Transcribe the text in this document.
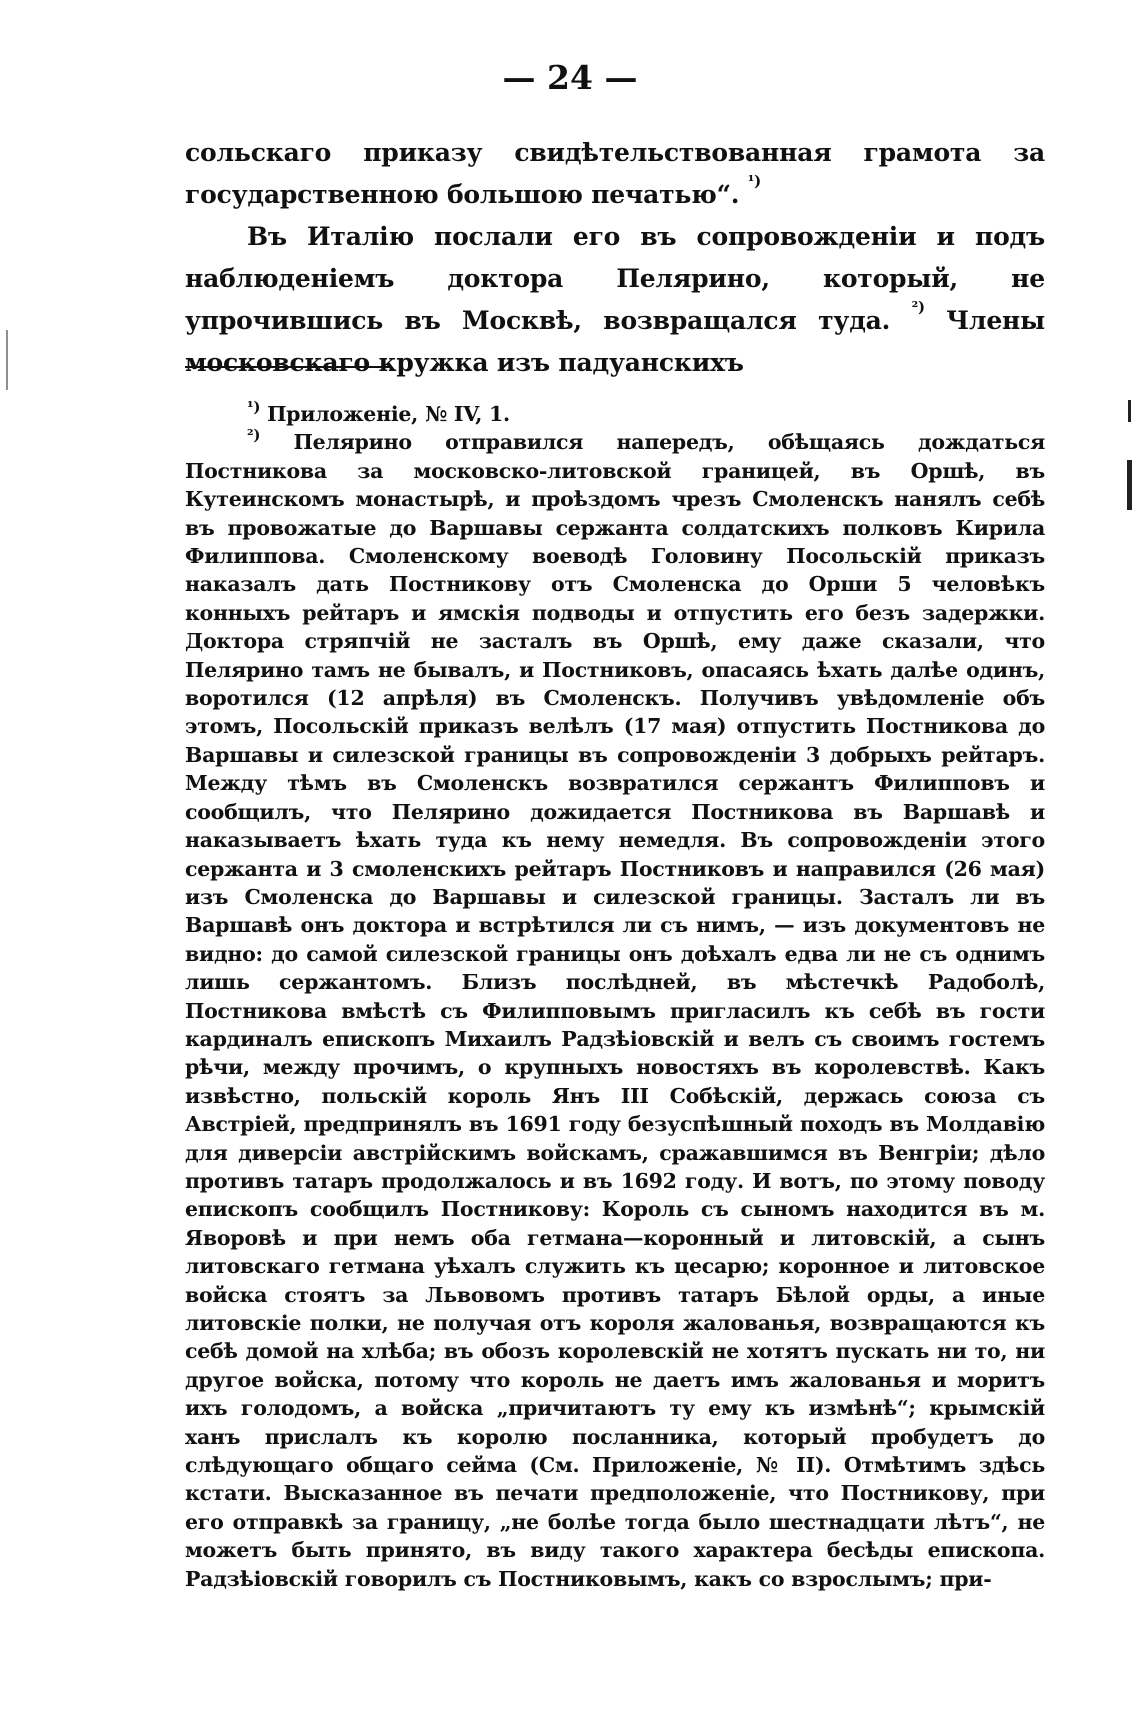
— 24 —

сольскаго приказу свидѣтельствованная грамота за государственною большою печатью“. $^{^1)}$

Въ Италію послали его въ сопровожденіи и подъ наблюденіемъ доктора Пелярино, который, не упрочившись въ Москвѣ, возвращался туда. $^{^2)}$ Члены московскаго кружка изъ падуанскихъ

$^{^1)}$ Приложеніе, № IV, 1.

$^{^2)}$ Пелярино отправился напередъ, обѣщаясь дождаться Постникова за московско-литовской границей, въ Оршѣ, въ Кутеинскомъ монастырѣ, и проѣздомъ чрезъ Смоленскъ нанялъ себѣ въ провожатые до Варшавы сержанта солдатскихъ полковъ Кирила Филиппова. Смоленскому воеводѣ Головину Посольскій приказъ наказалъ дать Постникову отъ Смоленска до Орши 5 человѣкъ конныхъ рейтаръ и ямскія подводы и отпустить его безъ задержки. Доктора стряпчій не засталъ въ Оршѣ, ему даже сказали, что Пелярино тамъ не бывалъ, и Постниковъ, опасаясь ѣхать далѣе одинъ, воротился (12 апрѣля) въ Смоленскъ. Получивъ увѣдомленіе объ этомъ, Посольскій приказъ велѣлъ (17 мая) отпустить Постникова до Варшавы и силезской границы въ сопровожденіи 3 добрыхъ рейтаръ. Между тѣмъ въ Смоленскъ возвратился сержантъ Филипповъ и сообщилъ, что Пелярино дожидается Постникова въ Варшавѣ и наказываетъ ѣхать туда къ нему немедля. Въ сопровожденіи этого сержанта и 3 смоленскихъ рейтаръ Постниковъ и направился (26 мая) изъ Смоленска до Варшавы и силезской границы. Засталъ ли въ Варшавѣ онъ доктора и встрѣтился ли съ нимъ, — изъ документовъ не видно: до самой силезской границы онъ доѣхалъ едва ли не съ однимъ лишь сержантомъ. Близъ послѣдней, въ мѣстечкѣ Радоболѣ, Постникова вмѣстѣ съ Филипповымъ пригласилъ къ себѣ въ гости кардиналъ епископъ Михаилъ Радзѣіовскій и велъ съ своимъ гостемъ рѣчи, между прочимъ, о крупныхъ новостяхъ въ королевствѣ. Какъ извѣстно, польскій король Янъ III Собѣскій, держась союза съ Австріей, предпринялъ въ 1691 году безуспѣшный походъ въ Молдавію для диверсіи австрійскимъ войскамъ, сражавшимся въ Венгріи; дѣло противъ татаръ продолжалось и въ 1692 году. И вотъ, по этому поводу епископъ сообщилъ Постникову: Король съ сыномъ находится въ м. Яворовѣ и при немъ оба гетмана—коронный и литовскій, а сынъ литовскаго гетмана уѣхалъ служить къ цесарю; коронное и литовское войска стоятъ за Львовомъ противъ татаръ Бѣлой орды, а иные литовскіе полки, не получая отъ короля жалованья, возвращаются къ себѣ домой на хлѣба; въ обозъ королевскій не хотятъ пускать ни то, ни другое войска, потому что король не даетъ имъ жалованья и моритъ ихъ голодомъ, а войска „причитаютъ ту ему къ измѣнѣ“; крымскій ханъ прислалъ къ королю посланника, который пробудетъ до слѣдующаго общаго сейма (См. Приложеніе, № II). Отмѣтимъ здѣсь кстати. Высказанное въ печати предположеніе, что Постникову, при его отправкѣ за границу, „не болѣе тогда было шестнадцати лѣтъ“, не можетъ быть принято, въ виду такого характера бесѣды епископа. Радзѣіовскій говорилъ съ Постниковымъ, какъ со взрослымъ; при-
